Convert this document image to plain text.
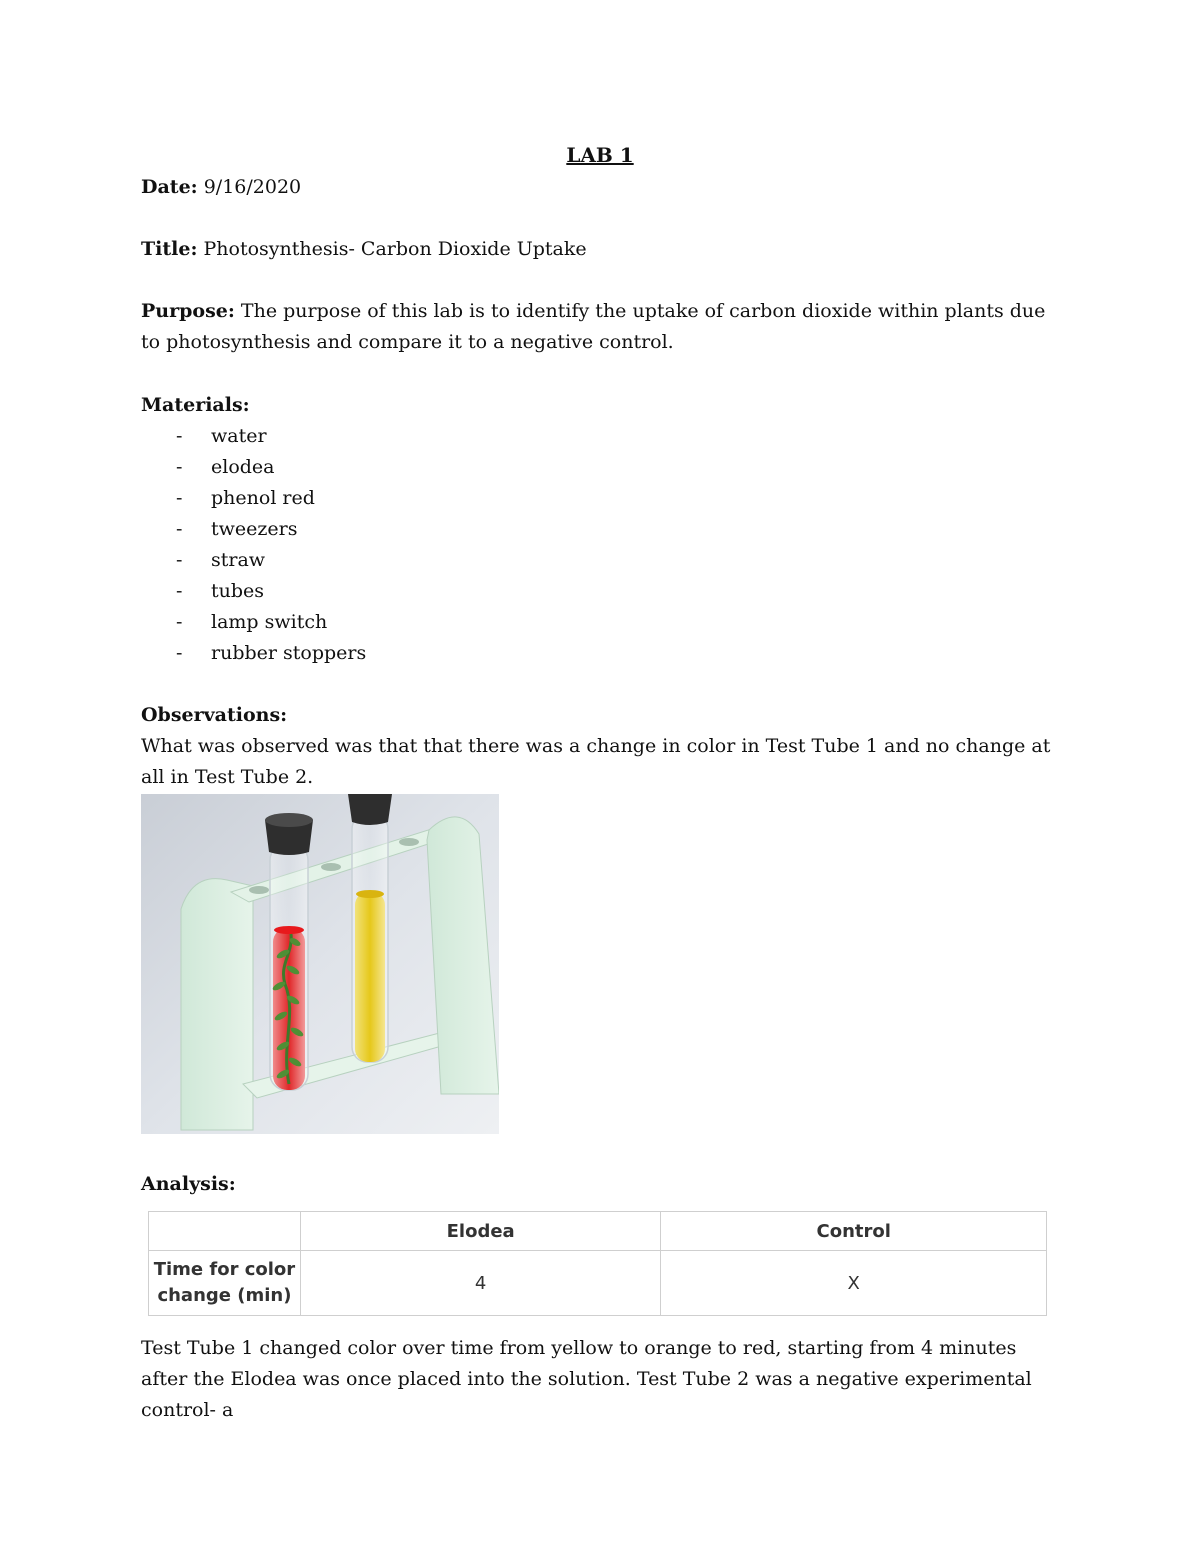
LAB 1
Date: 9/16/2020
Title: Photosynthesis- Carbon Dioxide Uptake
Purpose: The purpose of this lab is to identify the uptake of carbon dioxide within plants due to photosynthesis and compare it to a negative control.
Materials:
- water
- elodea
- phenol red
- tweezers
- straw
- tubes
- lamp switch
- rubber stoppers
Observations:
What was observed was that that there was a change in color in Test Tube 1 and no change at all in Test Tube 2.
Analysis:
	Elodea	Control
Time for color change (min)	4	X
Test Tube 1 changed color over time from yellow to orange to red, starting from 4 minutes after the Elodea was once placed into the solution. Test Tube 2 was a negative experimental control- a
